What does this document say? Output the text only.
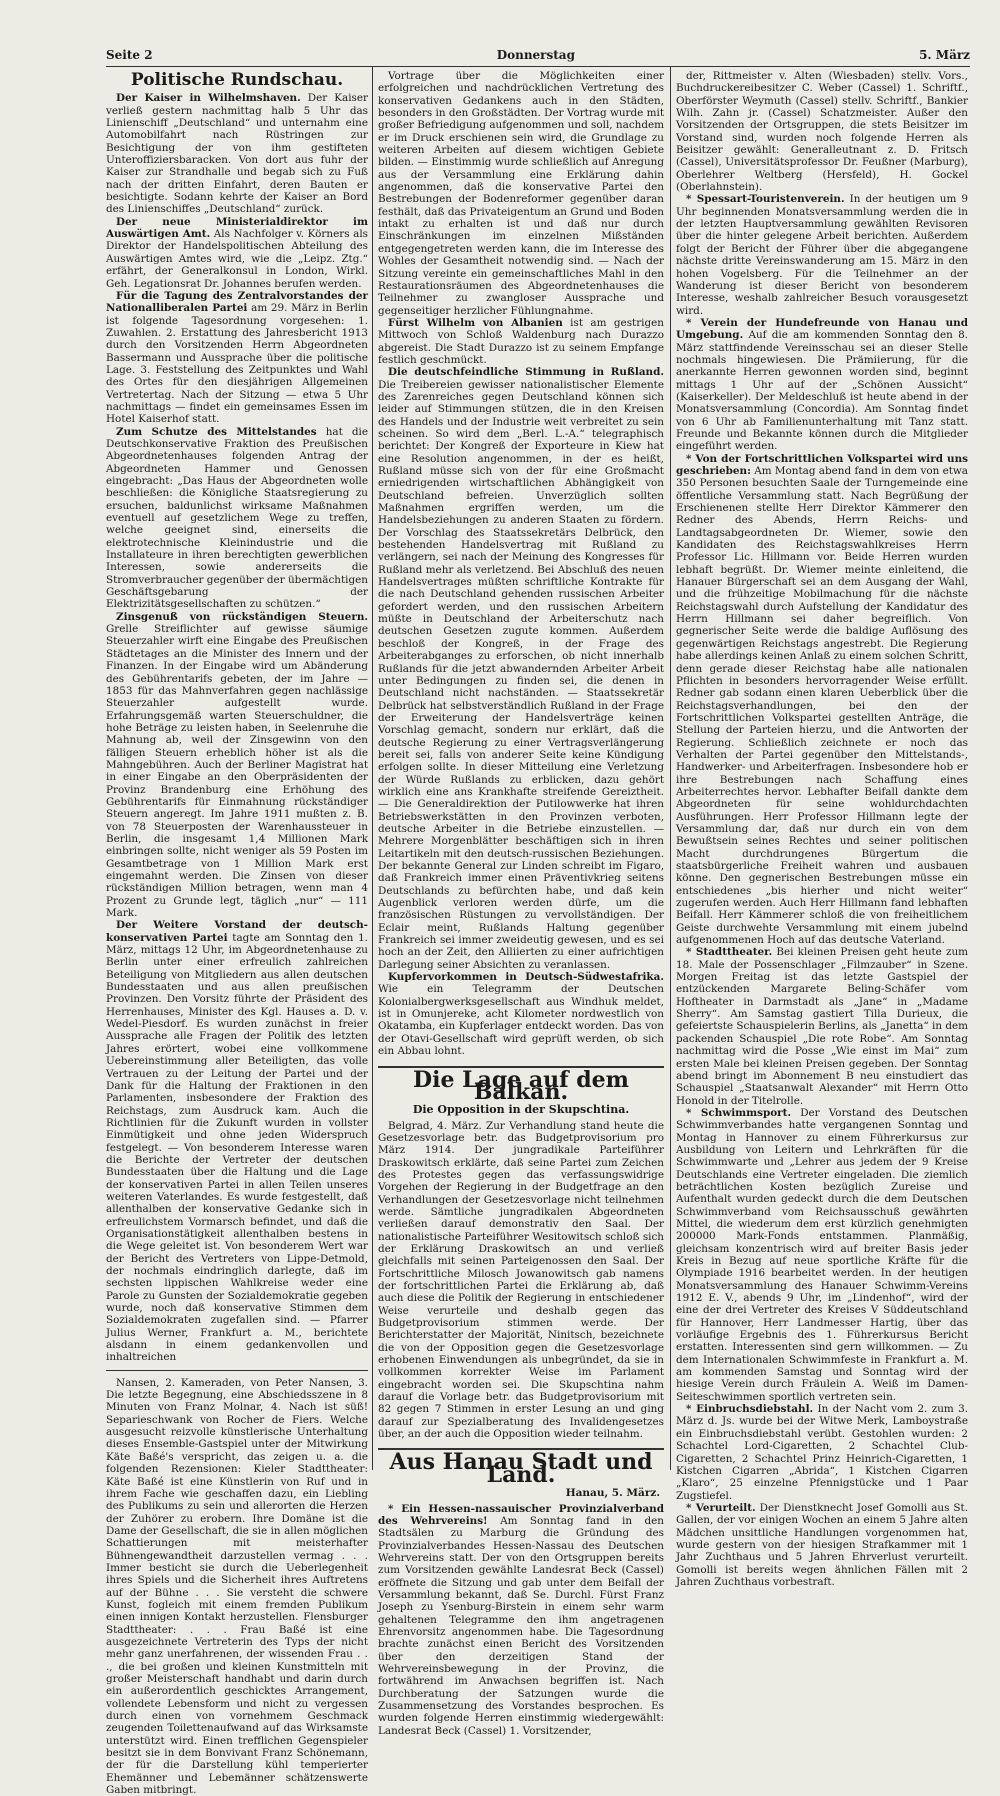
Seite 2	Donnerstag	5. März
Politische Rundschau.

Der Kaiser in Wilhelmshaven. Der Kaiser verließ gestern nachmittag halb 5 Uhr das Linienschiff „Deutschland“ und unternahm eine Automobilfahrt nach Rüstringen zur Besichtigung der von ihm gestifteten Unteroffiziersbaracken. Von dort aus fuhr der Kaiser zur Strandhalle und begab sich zu Fuß nach der dritten Einfahrt, deren Bauten er besichtigte. Sodann kehrte der Kaiser an Bord des Linienschiffes „Deutschland“ zurück.

Der neue Ministerialdirektor im Auswärtigen Amt. Als Nachfolger v. Körners als Direktor der Handelspolitischen Abteilung des Auswärtigen Amtes wird, wie die „Leipz. Ztg.“ erfährt, der Generalkonsul in London, Wirkl. Geh. Legationsrat Dr. Johannes berufen werden.

Für die Tagung des Zentralvorstandes der Nationalliberalen Partei am 29. März in Berlin ist folgende Tagesordnung vorgesehen: 1. Zuwahlen. 2. Erstattung des Jahresbericht 1913 durch den Vorsitzenden Herrn Abgeordneten Bassermann und Aussprache über die politische Lage. 3. Feststellung des Zeitpunktes und Wahl des Ortes für den diesjährigen Allgemeinen Vertretertag. Nach der Sitzung — etwa 5 Uhr nachmittags — findet ein gemeinsames Essen im Hotel Kaiserhof statt.

Zum Schutze des Mittelstandes hat die Deutschkonservative Fraktion des Preußischen Abgeordnetenhauses folgenden Antrag der Abgeordneten Hammer und Genossen eingebracht: „Das Haus der Abgeordneten wolle beschließen: die Königliche Staatsregierung zu ersuchen, baldunlichst wirksame Maßnahmen eventuell auf gesetzlichem Wege zu treffen, welche geeignet sind, einerseits die elektrotechnische Kleinindustrie und die Installateure in ihren berechtigten gewerblichen Interessen, sowie andererseits die Stromverbraucher gegenüber der übermächtigen Geschäftsgebarung der Elektrizitätsgesellschaften zu schützen.“

Zinsgenuß von rückständigen Steuern. Grelle Streiflichter auf gewisse säumige Steuerzahler wirft eine Eingabe des Preußischen Städtetages an die Minister des Innern und der Finanzen. In der Eingabe wird um Abänderung des Gebührentarifs gebeten, der im Jahre — 1853 für das Mahnverfahren gegen nachlässige Steuerzahler aufgestellt wurde. Erfahrungsgemäß warten Steuerschuldner, die hohe Beträge zu leisten haben, in Seelenruhe die Mahnung ab, weil der Zinsgewinn von den fälligen Steuern erheblich höher ist als die Mahngebühren. Auch der Berliner Magistrat hat in einer Eingabe an den Oberpräsidenten der Provinz Brandenburg eine Erhöhung des Gebührentarifs für Einmahnung rückständiger Steuern angeregt. Im Jahre 1911 mußten z. B. von 78 Steuerposten der Warenhaussteuer in Berlin, die insgesamt 1,4 Millionen Mark einbringen sollte, nicht weniger als 59 Posten im Gesamtbetrage von 1 Million Mark erst eingemahnt werden. Die Zinsen von dieser rückständigen Million betragen, wenn man 4 Prozent zu Grunde legt, täglich „nur“ — 111 Mark.

Der Weitere Vorstand der deutsch-konservativen Partei tagte am Sonntag den 1. März, mittags 12 Uhr, im Abgeordnetenhause zu Berlin unter einer erfreulich zahlreichen Beteiligung von Mitgliedern aus allen deutschen Bundesstaaten und aus allen preußischen Provinzen. Den Vorsitz führte der Präsident des Herrenhauses, Minister des Kgl. Hauses a. D. v. Wedel-Piesdorf. Es wurden zunächst in freier Aussprache alle Fragen der Politik des letzten Jahres erörtert, wobei eine vollkommene Uebereinstimmung aller Beteiligten, das volle Vertrauen zu der Leitung der Partei und der Dank für die Haltung der Fraktionen in den Parlamenten, insbesondere der Fraktion des Reichstags, zum Ausdruck kam. Auch die Richtlinien für die Zukunft wurden in vollster Einmütigkeit und ohne jeden Widerspruch festgelegt. — Von besonderem Interesse waren die Berichte der Vertreter der deutschen Bundesstaaten über die Haltung und die Lage der konservativen Partei in allen Teilen unseres weiteren Vaterlandes. Es wurde festgestellt, daß allenthalben der konservative Gedanke sich in erfreulichstem Vormarsch befindet, und daß die Organisationstätigkeit allenthalben bestens in die Wege geleitet ist. Von besonderem Wert war der Bericht des Vertreters von Lippe-Detmold, der nochmals eindringlich darlegte, daß im sechsten lippischen Wahlkreise weder eine Parole zu Gunsten der Sozialdemokratie gegeben wurde, noch daß konservative Stimmen dem Sozialdemokraten zugefallen sind. — Pfarrer Julius Werner, Frankfurt a. M., berichtete alsdann in einem gedankenvollen und inhaltreichen

Nansen, 2. Kameraden, von Peter Nansen, 3. Die letzte Begegnung, eine Abschiedsszene in 8 Minuten von Franz Molnar, 4. Nach ist süß! Separieschwank von Rocher de Fiers. Welche ausgesucht reizvolle künstlerische Unterhaltung dieses Ensemble-Gastspiel unter der Mitwirkung Käte Baßé's verspricht, das zeigen u. a. die folgenden Rezensionen: Kieler Stadttheater: Käte Baßé ist eine Künstlerin von Ruf und in ihrem Fache wie geschaffen dazu, ein Liebling des Publikums zu sein und allerorten die Herzen der Zuhörer zu erobern. Ihre Domäne ist die Dame der Gesellschaft, die sie in allen möglichen Schattierungen mit meisterhafter Bühnengewandtheit darzustellen vermag . . . Immer besticht sie durch die Ueberlegenheit ihres Spiels und die Sicherheit ihres Auftretens auf der Bühne . . . Sie versteht die schwere Kunst, fogleich mit einem fremden Publikum einen innigen Kontakt herzustellen. Flensburger Stadttheater: . . . Frau Baßé ist eine ausgezeichnete Vertreterin des Typs der nicht mehr ganz unerfahrenen, der wissenden Frau . . ., die bei großen und kleinen Kunstmitteln mit großer Meisterschaft handhabt und darin durch ein außerordentlich geschicktes Arrangement, vollendete Lebensform und nicht zu vergessen durch einen von vornehmem Geschmack zeugenden Toilettenaufwand auf das Wirksamste unterstützt wird. Einen trefflichen Gegenspieler besitzt sie in dem Bonvivant Franz Schönemann, der für die Darstellung kühl temperierter Ehemänner und Lebemänner schätzenswerte Gaben mitbringt.

Vortrage über die Möglichkeiten einer erfolgreichen und nachdrücklichen Vertretung des konservativen Gedankens auch in den Städten, besonders in den Großstädten. Der Vortrag wurde mit großer Befriedigung aufgenommen und soll, nachdem er im Druck erschienen sein wird, die Grundlage zu weiteren Arbeiten auf diesem wichtigen Gebiete bilden. — Einstimmig wurde schließlich auf Anregung aus der Versammlung eine Erklärung dahin angenommen, daß die konservative Partei den Bestrebungen der Bodenreformer gegenüber daran festhält, daß das Privateigentum an Grund und Boden intakt zu erhalten ist und daß nur durch Einschränkungen im einzelnen Mißständen entgegengetreten werden kann, die im Interesse des Wohles der Gesamtheit notwendig sind. — Nach der Sitzung vereinte ein gemeinschaftliches Mahl in den Restaurationsräumen des Abgeordnetenhauses die Teilnehmer zu zwangloser Aussprache und gegenseitiger herzlicher Fühlungnahme.

Fürst Wilhelm von Albanien ist am gestrigen Mittwoch von Schloß Waldenburg nach Durazzo abgereist. Die Stadt Durazzo ist zu seinem Empfange festlich geschmückt.

Die deutschfeindliche Stimmung in Rußland. Die Treibereien gewisser nationalistischer Elemente des Zarenreiches gegen Deutschland können sich leider auf Stimmungen stützen, die in den Kreisen des Handels und der Industrie weit verbreitet zu sein scheinen. So wird dem „Berl. L.-A.“ telegraphisch berichtet: Der Kongreß der Exporteure in Kiew hat eine Resolution angenommen, in der es heißt, Rußland müsse sich von der für eine Großmacht erniedrigenden wirtschaftlichen Abhängigkeit von Deutschland befreien. Unverzüglich sollten Maßnahmen ergriffen werden, um die Handelsbeziehungen zu anderen Staaten zu fördern. Der Vorschlag des Staatssekretärs Delbrück, den bestehenden Handelsvertrag mit Rußland zu verlängern, sei nach der Meinung des Kongresses für Rußland mehr als verletzend. Bei Abschluß des neuen Handelsvertrages müßten schriftliche Kontrakte für die nach Deutschland gehenden russischen Arbeiter gefordert werden, und den russischen Arbeitern müßte in Deutschland der Arbeiterschutz nach deutschen Gesetzen zugute kommen. Außerdem beschloß der Kongreß, in der Frage des Arbeiterabganges zu erforschen, ob nicht innerhalb Rußlands für die jetzt abwandernden Arbeiter Arbeit unter Bedingungen zu finden sei, die denen in Deutschland nicht nachständen. — Staatssekretär Delbrück hat selbstverständlich Rußland in der Frage der Erweiterung der Handelsverträge keinen Vorschlag gemacht, sondern nur erklärt, daß die deutsche Regierung zu einer Vertragsverlängerung bereit sei, falls von anderer Seite keine Kündigung erfolgen sollte. In dieser Mitteilung eine Verletzung der Würde Rußlands zu erblicken, dazu gehört wirklich eine ans Krankhafte streifende Gereiztheit. — Die Generaldirektion der Putilowwerke hat ihren Betriebswerkstätten in den Provinzen verboten, deutsche Arbeiter in die Betriebe einzustellen. — Mehrere Morgenblätter beschäftigen sich in ihren Leitartikeln mit den deutsch-russischen Beziehungen. Der bekannte General zur Linden schreibt im Figaro, daß Frankreich immer einen Präventivkrieg seitens Deutschlands zu befürchten habe, und daß kein Augenblick verloren werden dürfe, um die französischen Rüstungen zu vervollständigen. Der Eclair meint, Rußlands Haltung gegenüber Frankreich sei immer zweideutig gewesen, und es sei hoch an der Zeit, den Alliierten zu einer aufrichtigen Darlegung seiner Absichten zu veranlassen.

Kupfervorkommen in Deutsch-Südwestafrika. Wie ein Telegramm der Deutschen Kolonialbergwerksgesellschaft aus Windhuk meldet, ist in Omunjereke, acht Kilometer nordwestlich von Okatamba, ein Kupferlager entdeckt worden. Das von der Otavi-Gesellschaft wird geprüft werden, ob sich ein Abbau lohnt.

Die Lage auf dem Balkan.
Die Opposition in der Skupschtina.

Belgrad, 4. März. Zur Verhandlung stand heute die Gesetzesvorlage betr. das Budgetprovisorium pro März 1914. Der jungradikale Parteiführer Draskowitsch erklärte, daß seine Partei zum Zeichen des Protestes gegen das verfassungswidrige Vorgehen der Regierung in der Budgetfrage an den Verhandlungen der Gesetzesvorlage nicht teilnehmen werde. Sämtliche jungradikalen Abgeordneten verließen darauf demonstrativ den Saal. Der nationalistische Parteiführer Wesitowitsch schloß sich der Erklärung Draskowitsch an und verließ gleichfalls mit seinen Parteigenossen den Saal. Der Fortschrittliche Milosch Jowanowitsch gab namens der fortschrittlichen Partei die Erklärung ab, daß auch diese die Politik der Regierung in entschiedener Weise verurteile und deshalb gegen das Budgetprovisorium stimmen werde. Der Berichterstatter der Majorität, Ninitsch, bezeichnete die von der Opposition gegen die Gesetzesvorlage erhobenen Einwendungen als unbegründet, da sie in vollkommen korrekter Weise im Parlament eingebracht worden sei. Die Skupschtina nahm darauf die Vorlage betr. das Budgetprovisorium mit 82 gegen 7 Stimmen in erster Lesung an und ging darauf zur Spezialberatung des Invalidengesetzes über, an der auch die Opposition wieder teilnahm.

Aus Hanau Stadt und Land.
Hanau, 5. März.

* Ein Hessen-nassauischer Provinzialverband des Wehrvereins! Am Sonntag fand in den Stadtsälen zu Marburg die Gründung des Provinzialverbandes Hessen-Nassau des Deutschen Wehrvereins statt. Der von den Ortsgruppen bereits zum Vorsitzenden gewählte Landesrat Beck (Cassel) eröffnete die Sitzung und gab unter dem Beifall der Versammlung bekannt, daß Se. Durchl. Fürst Franz Joseph zu Ysenburg-Birstein in einem sehr warm gehaltenen Telegramme den ihm angetragenen Ehrenvorsitz angenommen habe. Die Tagesordnung brachte zunächst einen Bericht des Vorsitzenden über den derzeitigen Stand der Wehrvereinsbewegung in der Provinz, die fortwährend im Anwachsen begriffen ist. Nach Durchberatung der Satzungen wurde die Zusammensetzung des Vorstandes besprochen. Es wurden folgende Herren einstimmig wiedergewählt: Landesrat Beck (Cassel) 1. Vorsitzender,

der, Rittmeister v. Alten (Wiesbaden) stellv. Vors., Buchdruckereibesitzer C. Weber (Cassel) 1. Schriftf., Oberförster Weymuth (Cassel) stellv. Schriftf., Bankier Wilh. Zahn jr. (Cassel) Schatzmeister. Außer den Vorsitzenden der Ortsgruppen, die stets Beisitzer im Vorstand sind, wurden noch folgende Herren als Beisitzer gewählt: Generalleutnant z. D. Fritsch (Cassel), Universitätsprofessor Dr. Feußner (Marburg), Oberlehrer Weltberg (Hersfeld), H. Gockel (Oberlahnstein).

* Spessart-Touristenverein. In der heutigen um 9 Uhr beginnenden Monatsversammlung werden die in der letzten Hauptversammlung gewählten Revisoren über die hinter gelegene Arbeit berichten. Außerdem folgt der Bericht der Führer über die abgegangene nächste dritte Vereinswanderung am 15. März in den hohen Vogelsberg. Für die Teilnehmer an der Wanderung ist dieser Bericht von besonderem Interesse, weshalb zahlreicher Besuch vorausgesetzt wird.

* Verein der Hundefreunde von Hanau und Umgebung. Auf die am kommenden Sonntag den 8. März stattfindende Vereinsschau sei an dieser Stelle nochmals hingewiesen. Die Prämiierung, für die anerkannte Herren gewonnen worden sind, beginnt mittags 1 Uhr auf der „Schönen Aussicht“ (Kaiserkeller). Der Meldeschluß ist heute abend in der Monatsversammlung (Concordia). Am Sonntag findet von 6 Uhr ab Familienunterhaltung mit Tanz statt. Freunde und Bekannte können durch die Mitglieder eingeführt werden.

* Von der Fortschrittlichen Volkspartei wird uns geschrieben: Am Montag abend fand in dem von etwa 350 Personen besuchten Saale der Turngemeinde eine öffentliche Versammlung statt. Nach Begrüßung der Erschienenen stellte Herr Direktor Kämmerer den Redner des Abends, Herrn Reichs- und Landtagsabgeordneten Dr. Wiemer, sowie den Kandidaten des Reichstagswahlkreises Herrn Professor Lic. Hillmann vor. Beide Herren wurden lebhaft begrüßt. Dr. Wiemer meinte einleitend, die Hanauer Bürgerschaft sei an dem Ausgang der Wahl, und die frühzeitige Mobilmachung für die nächste Reichstagswahl durch Aufstellung der Kandidatur des Herrn Hillmann sei daher begreiflich. Von gegnerischer Seite werde die baldige Auflösung des gegenwärtigen Reichstags angestrebt. Die Regierung habe allerdings keinen Anlaß zu einem solchen Schritt, denn gerade dieser Reichstag habe alle nationalen Pflichten in besonders hervorragender Weise erfüllt. Redner gab sodann einen klaren Ueberblick über die Reichstagsverhandlungen, bei den der Fortschrittlichen Volkspartei gestellten Anträge, die Stellung der Parteien hierzu, und die Antworten der Regierung. Schließlich zeichnete er noch das Verhalten der Partei gegenüber den Mittelstands-, Handwerker- und Arbeiterfragen. Insbesondere hob er ihre Bestrebungen nach Schaffung eines Arbeiterrechtes hervor. Lebhafter Beifall dankte dem Abgeordneten für seine wohldurchdachten Ausführungen. Herr Professor Hillmann legte der Versammlung dar, daß nur durch ein von dem Bewußtsein seines Rechtes und seiner politischen Macht durchdrungenes Bürgertum die staatsbürgerliche Freiheit wahren und ausbauen könne. Den gegnerischen Bestrebungen müsse ein entschiedenes „bis hierher und nicht weiter“ zugerufen werden. Auch Herr Hillmann fand lebhaften Beifall. Herr Kämmerer schloß die von freiheitlichem Geiste durchwehte Versammlung mit einem jubelnd aufgenommenen Hoch auf das deutsche Vaterland.

* Stadttheater. Bei kleinen Preisen geht heute zum 18. Male der Possenschlager „Filmzauber“ in Szene. Morgen Freitag ist das letzte Gastspiel der entzückenden Margarete Beling-Schäfer vom Hoftheater in Darmstadt als „Jane“ in „Madame Sherry“. Am Samstag gastiert Tilla Durieux, die gefeiertste Schauspielerin Berlins, als „Janetta“ in dem packenden Schauspiel „Die rote Robe“. Am Sonntag nachmittag wird die Posse „Wie einst im Mai“ zum ersten Male bei kleinen Preisen gegeben. Der Sonntag abend bringt im Abonnement B neu einstudiert das Schauspiel „Staatsanwalt Alexander“ mit Herrn Otto Honold in der Titelrolle.

* Schwimmsport. Der Vorstand des Deutschen Schwimmverbandes hatte vergangenen Sonntag und Montag in Hannover zu einem Führerkursus zur Ausbildung von Leitern und Lehrkräften für die Schwimmwarte und „Lehrer aus jedem der 9 Kreise Deutschlands eine Vertreter eingeladen. Die ziemlich beträchtlichen Kosten bezüglich Zureise und Aufenthalt wurden gedeckt durch die dem Deutschen Schwimmverband vom Reichsausschuß gewährten Mittel, die wiederum dem erst kürzlich genehmigten 200000 Mark-Fonds entstammen. Planmäßig, gleichsam konzentrisch wird auf breiter Basis jeder Kreis in Bezug auf neue sportliche Kräfte für die Olympiade 1916 bearbeitet werden. In der heutigen Monatsversammlung des Hanauer Schwimm-Vereins 1912 E. V., abends 9 Uhr, im „Lindenhof“, wird der eine der drei Vertreter des Kreises V Süddeutschland für Hannover, Herr Landmesser Hartig, über das vorläufige Ergebnis des 1. Führerkursus Bericht erstatten. Interessenten sind gern willkommen. — Zu dem Internationalen Schwimmfeste in Frankfurt a. M. am kommenden Samstag und Sonntag wird der hiesige Verein durch Fräulein A. Weiß im Damen-Seiteschwimmen sportlich vertreten sein.

* Einbruchsdiebstahl. In der Nacht vom 2. zum 3. März d. Js. wurde bei der Witwe Merk, Lamboystraße ein Einbruchsdiebstahl verübt. Gestohlen wurden: 2 Schachtel Lord-Cigaretten, 2 Schachtel Club-Cigaretten, 2 Schachtel Prinz Heinrich-Cigaretten, 1 Kistchen Cigarren „Abrida“, 1 Kistchen Cigarren „Klaro“, 25 einzelne Pfennigstücke und 1 Paar Zugstiefel.

* Verurteilt. Der Dienstknecht Josef Gomolli aus St. Gallen, der vor einigen Wochen an einem 5 Jahre alten Mädchen unsittliche Handlungen vorgenommen hat, wurde gestern von der hiesigen Strafkammer mit 1 Jahr Zuchthaus und 5 Jahren Ehrverlust verurteilt. Gomolli ist bereits wegen ähnlichen Fällen mit 2 Jahren Zuchthaus vorbestraft.
